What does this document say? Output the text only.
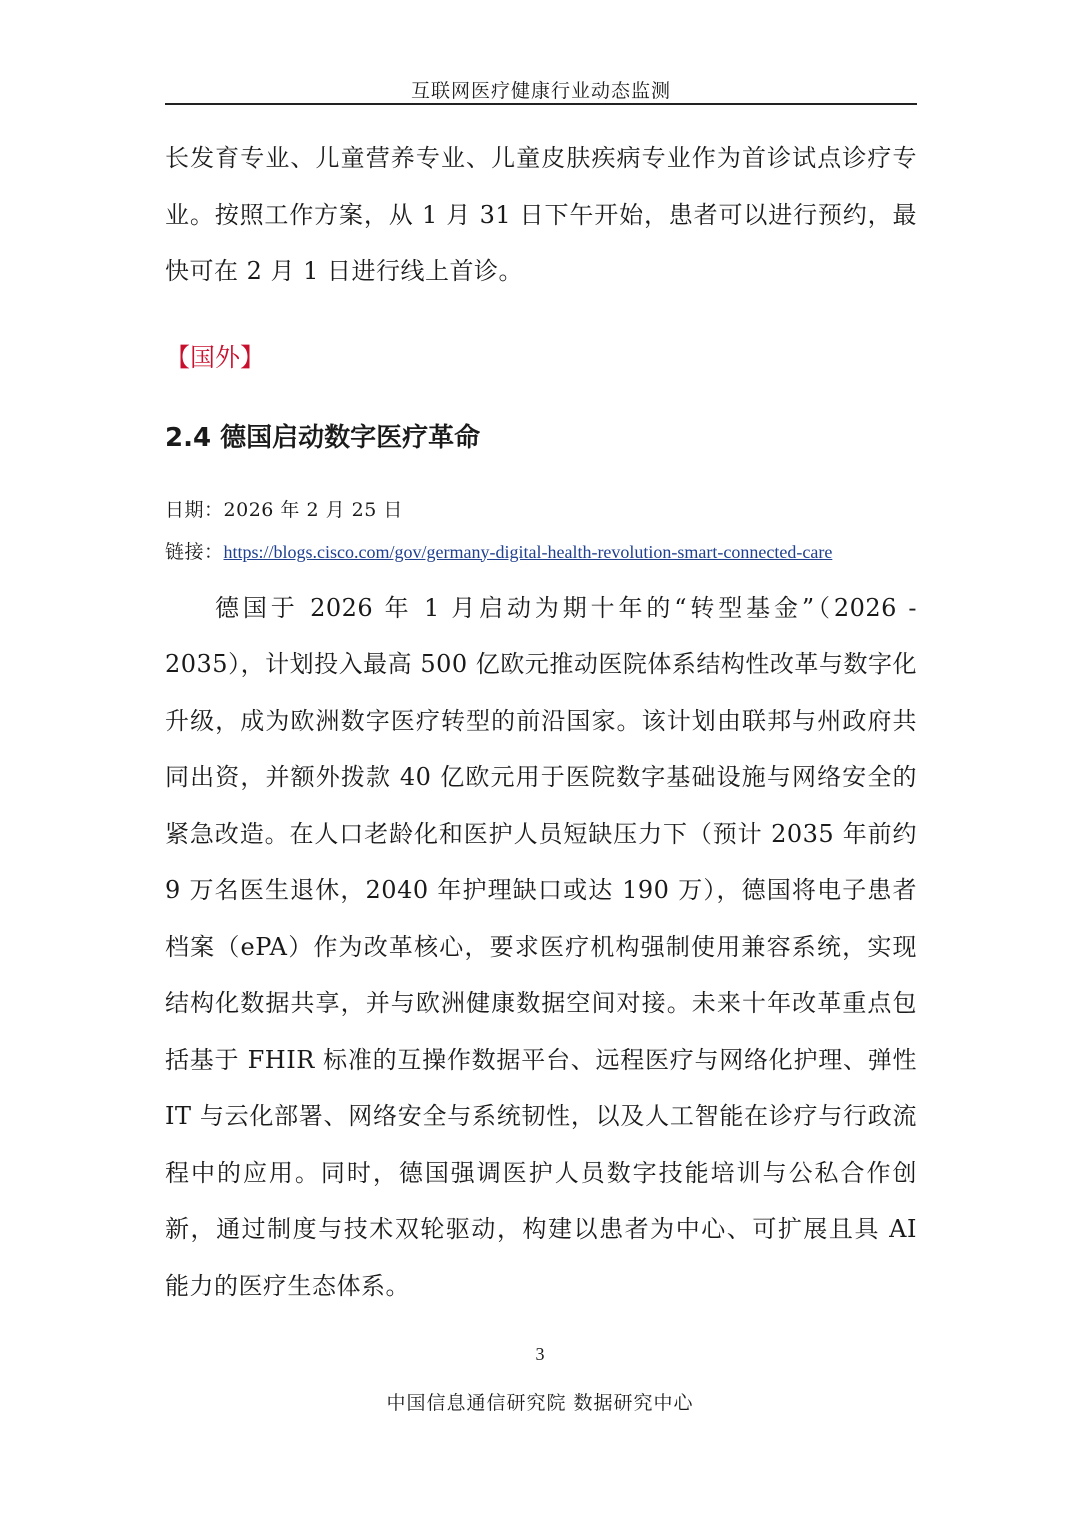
互联网医疗健康行业动态监测

长发育专业、儿童营养专业、儿童皮肤疾病专业作为首诊试点诊疗专业。按照工作方案，从 1 月 31 日下午开始，患者可以进行预约，最快可在 2 月 1 日进行线上首诊。

【国外】
2.4 德国启动数字医疗革命
日期：2026 年 2 月 25 日
链接：https://blogs.cisco.com/gov/germany-digital-health-revolution-smart-connected-care

德国于 2026 年 1 月启动为期十年的“转型基金”（2026 - 2035），计划投入最高 500 亿欧元推动医院体系结构性改革与数字化升级，成为欧洲数字医疗转型的前沿国家。该计划由联邦与州政府共同出资，并额外拨款 40 亿欧元用于医院数字基础设施与网络安全的紧急改造。在人口老龄化和医护人员短缺压力下（预计 2035 年前约 9 万名医生退休，2040 年护理缺口或达 190 万），德国将电子患者档案（ePA）作为改革核心，要求医疗机构强制使用兼容系统，实现结构化数据共享，并与欧洲健康数据空间对接。未来十年改革重点包括基于 FHIR 标准的互操作数据平台、远程医疗与网络化护理、弹性 IT 与云化部署、网络安全与系统韧性，以及人工智能在诊疗与行政流程中的应用。同时，德国强调医护人员数字技能培训与公私合作创新，通过制度与技术双轮驱动，构建以患者为中心、可扩展且具 AI 能力的医疗生态体系。

3
中国信息通信研究院 数据研究中心
